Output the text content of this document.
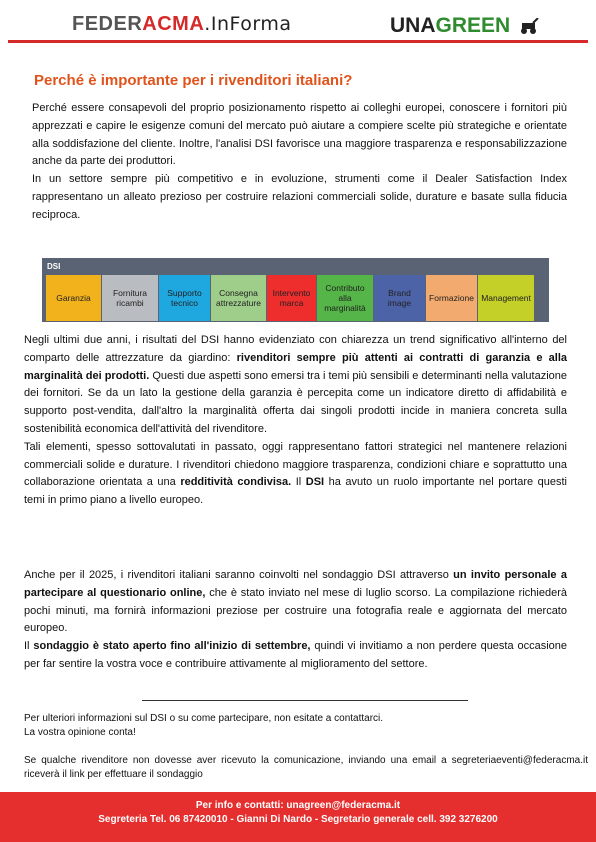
FEDERACMA.InForma	UNAGREEN
Perché è importante per i rivenditori italiani?
Perché essere consapevoli del proprio posizionamento rispetto ai colleghi europei, conoscere i fornitori più apprezzati e capire le esigenze comuni del mercato può aiutare a compiere scelte più strategiche e orientate alla soddisfazione del cliente. Inoltre, l'analisi DSI favorisce una maggiore trasparenza e responsabilizzazione anche da parte dei produttori.
In un settore sempre più competitivo e in evoluzione, strumenti come il Dealer Satisfaction Index rappresentano un alleato prezioso per costruire relazioni commerciali solide, durature e basate sulla fiducia reciproca.
DSI
Garanzia	Fornitura ricambi
Supporto tecnico
Consegna attrezzature
Intervento marca
Contributo alla marginalità
Brand image	Formazione Management
Negli ultimi due anni, i risultati del DSI hanno evidenziato con chiarezza un trend significativo all'interno del comparto delle attrezzature da giardino: rivenditori sempre più attenti ai contratti di garanzia e alla marginalità dei prodotti. Questi due aspetti sono emersi tra i temi più sensibili e determinanti nella valutazione dei fornitori. Se da un lato la gestione della garanzia è percepita come un indicatore diretto di affidabilità e supporto post-vendita, dall'altro la marginalità offerta dai singoli prodotti incide in maniera concreta sulla sostenibilità economica dell'attività del rivenditore.
Tali elementi, spesso sottovalutati in passato, oggi rappresentano fattori strategici nel mantenere relazioni commerciali solide e durature. I rivenditori chiedono maggiore trasparenza, condizioni chiare e soprattutto una collaborazione orientata a una redditività condivisa. Il DSI ha avuto un ruolo importante nel portare questi temi in primo piano a livello europeo.
Anche per il 2025, i rivenditori italiani saranno coinvolti nel sondaggio DSI attraverso un invito personale a partecipare al questionario online, che è stato inviato nel mese di luglio scorso. La compilazione richiederà pochi minuti, ma fornirà informazioni preziose per costruire una fotografia reale e aggiornata del mercato europeo.
Il sondaggio è stato aperto fino all'inizio di settembre, quindi vi invitiamo a non perdere questa occasione per far sentire la vostra voce e contribuire attivamente al miglioramento del settore.
Per ulteriori informazioni sul DSI o su come partecipare, non esitate a contattarci.
La vostra opinione conta!
Se qualche rivenditore non dovesse aver ricevuto la comunicazione, inviando una email a segreteriaeventi@federacma.it riceverà il link per effettuare il sondaggio
Per info e contatti: unagreen@federacma.it
Segreteria Tel. 06 87420010 - Gianni Di Nardo - Segretario generale cell. 392 3276200
